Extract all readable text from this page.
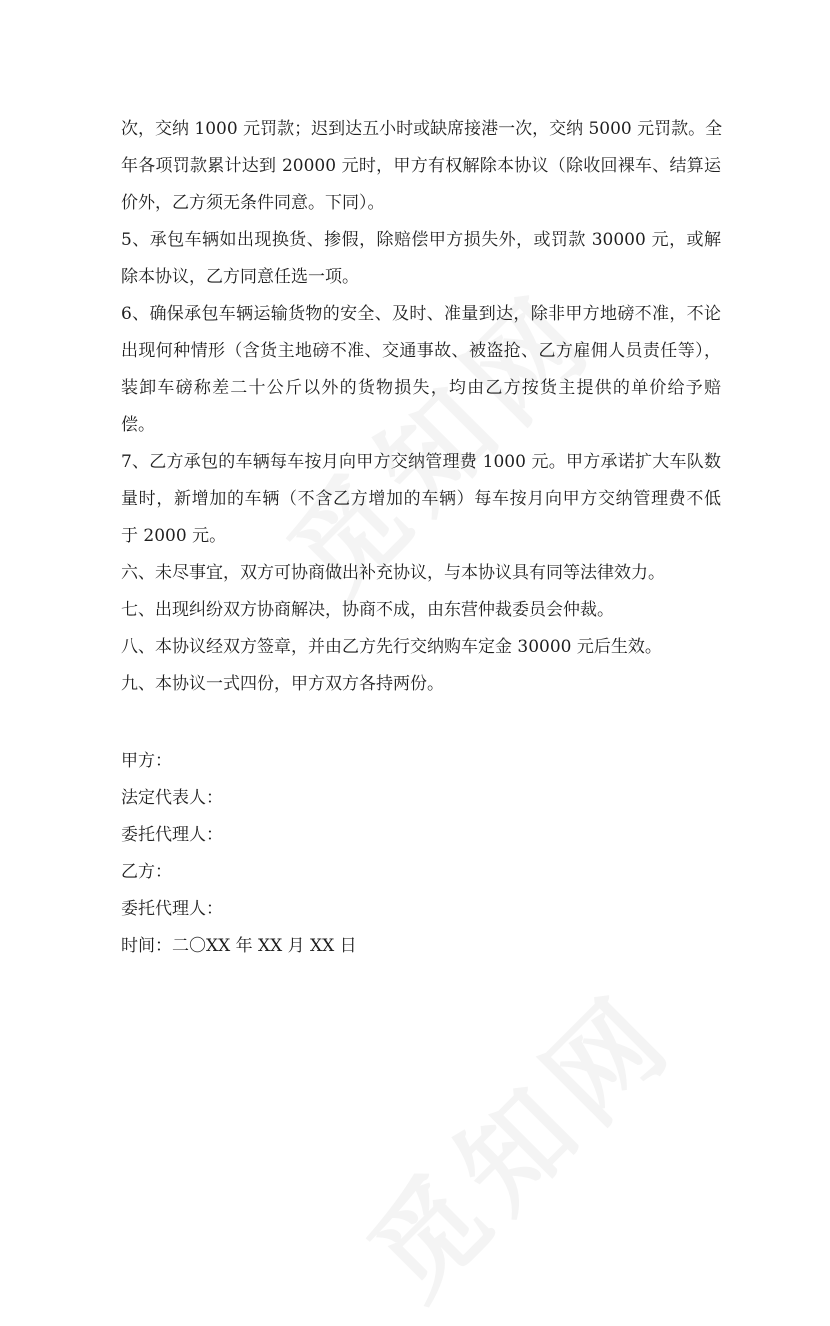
次，交纳 1000 元罚款；迟到达五小时或缺席接港一次，交纳 5000 元罚款。全
年各项罚款累计达到 20000 元时，甲方有权解除本协议（除收回裸车、结算运
价外，乙方须无条件同意。下同）。
5、承包车辆如出现换货、掺假，除赔偿甲方损失外，或罚款 30000 元，或解
除本协议，乙方同意任选一项。
6、确保承包车辆运输货物的安全、及时、准量到达，除非甲方地磅不准，不论
出现何种情形（含货主地磅不准、交通事故、被盗抢、乙方雇佣人员责任等），
装卸车磅称差二十公斤以外的货物损失，均由乙方按货主提供的单价给予赔
偿。
7、乙方承包的车辆每车按月向甲方交纳管理费 1000 元。甲方承诺扩大车队数
量时，新增加的车辆（不含乙方增加的车辆）每车按月向甲方交纳管理费不低
于 2000 元。
六、未尽事宜，双方可协商做出补充协议，与本协议具有同等法律效力。
七、出现纠纷双方协商解决，协商不成，由东营仲裁委员会仲裁。
八、本协议经双方签章，并由乙方先行交纳购车定金 30000 元后生效。
九、本协议一式四份，甲方双方各持两份。
甲方：
法定代表人：
委托代理人：
乙方：
委托代理人：
时间：二〇XX 年 XX 月 XX 日
